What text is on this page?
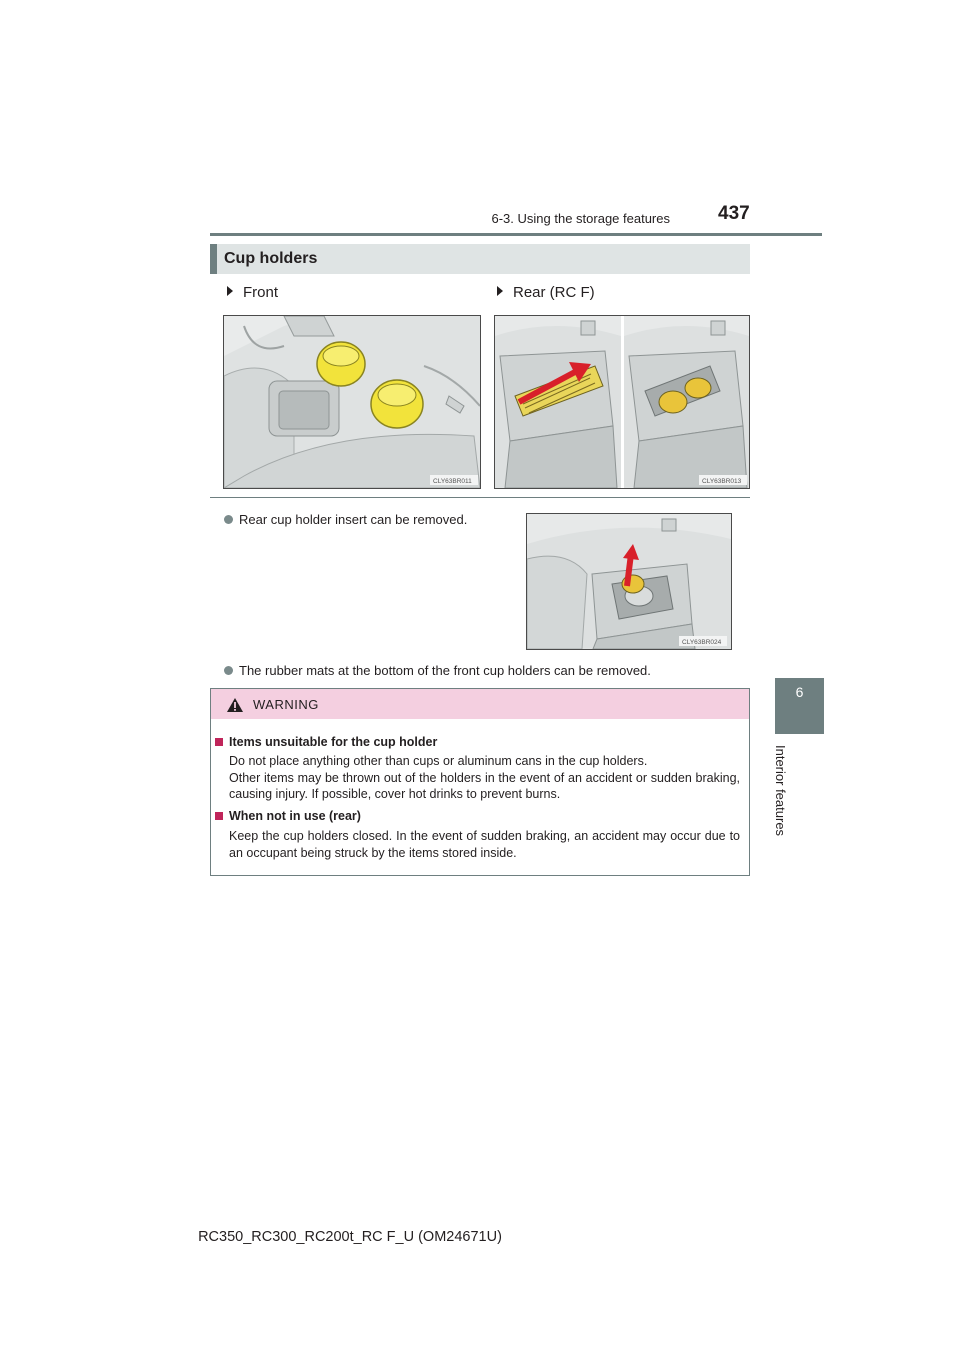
6-3. Using the storage features	437
6
Interior features
Cup holders
Front	Rear (RC F)
CLY63BR011	CLY63BR013
Rear cup holder insert can be removed.
CLY63BR024
The rubber mats at the bottom of the front cup holders can be removed.
WARNING
Items unsuitable for the cup holder

Do not place anything other than cups or aluminum cans in the cup holders.

Other items may be thrown out of the holders in the event of an accident or sudden braking, causing injury. If possible, cover hot drinks to prevent burns.

When not in use (rear)
Keep the cup holders closed. In the event of sudden braking, an accident may occur due to an occupant being struck by the items stored inside.
RC350_RC300_RC200t_RC F_U (OM24671U)
